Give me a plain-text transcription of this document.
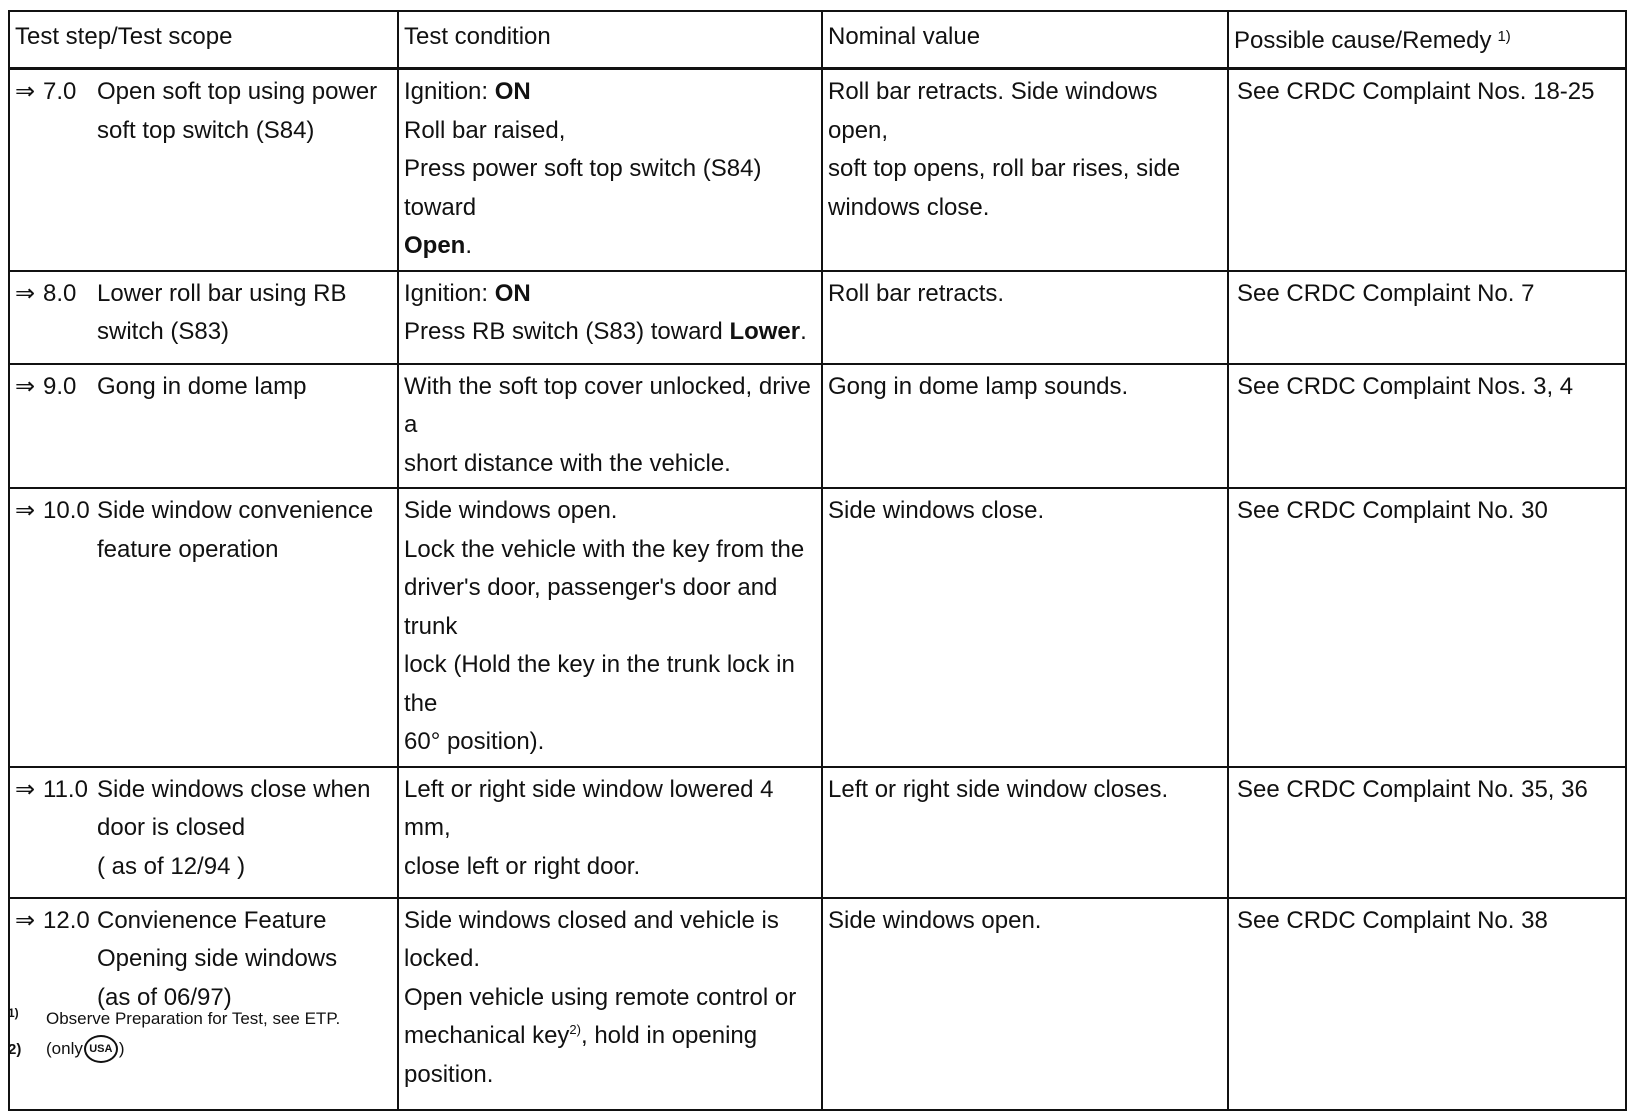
Test step/Test scope	Test condition	Nominal value	Possible cause/Remedy $^{1)}$

⇒ 7.0 Open soft top using power
soft top switch (S84)	Ignition: ON
Roll bar raised,
Press power soft top switch (S84) toward
Open.	Roll bar retracts. Side windows open,
soft top opens, roll bar rises, side
windows close.	See CRDC Complaint Nos. 18-25

⇒ 8.0 Lower roll bar using RB
switch (S83)	Ignition: ON
Press RB switch (S83) toward Lower.	Roll bar retracts.	See CRDC Complaint No. 7

⇒ 9.0 Gong in dome lamp	With the soft top cover unlocked, drive a
short distance with the vehicle.	Gong in dome lamp sounds.	See CRDC Complaint Nos. 3, 4

⇒ 10.0 Side window convenience
feature operation	Side windows open.
Lock the vehicle with the key from the
driver's door, passenger's door and trunk
lock (Hold the key in the trunk lock in the
60° position).	Side windows close.	See CRDC Complaint No. 30

⇒ 11.0 Side windows close when
door is closed
( as of 12/94 )	Left or right side window lowered 4 mm,
close left or right door.	Left or right side window closes.	See CRDC Complaint No. 35, 36

⇒ 12.0 Convienence Feature
Opening side windows
(as of 06/97)	Side windows closed and vehicle is
locked.
Open vehicle using remote control or
mechanical key$^{2)}$, hold in opening
position.	Side windows open.	See CRDC Complaint No. 38
1)	Observe Preparation for Test, see ETP.
2)	(only USA )
